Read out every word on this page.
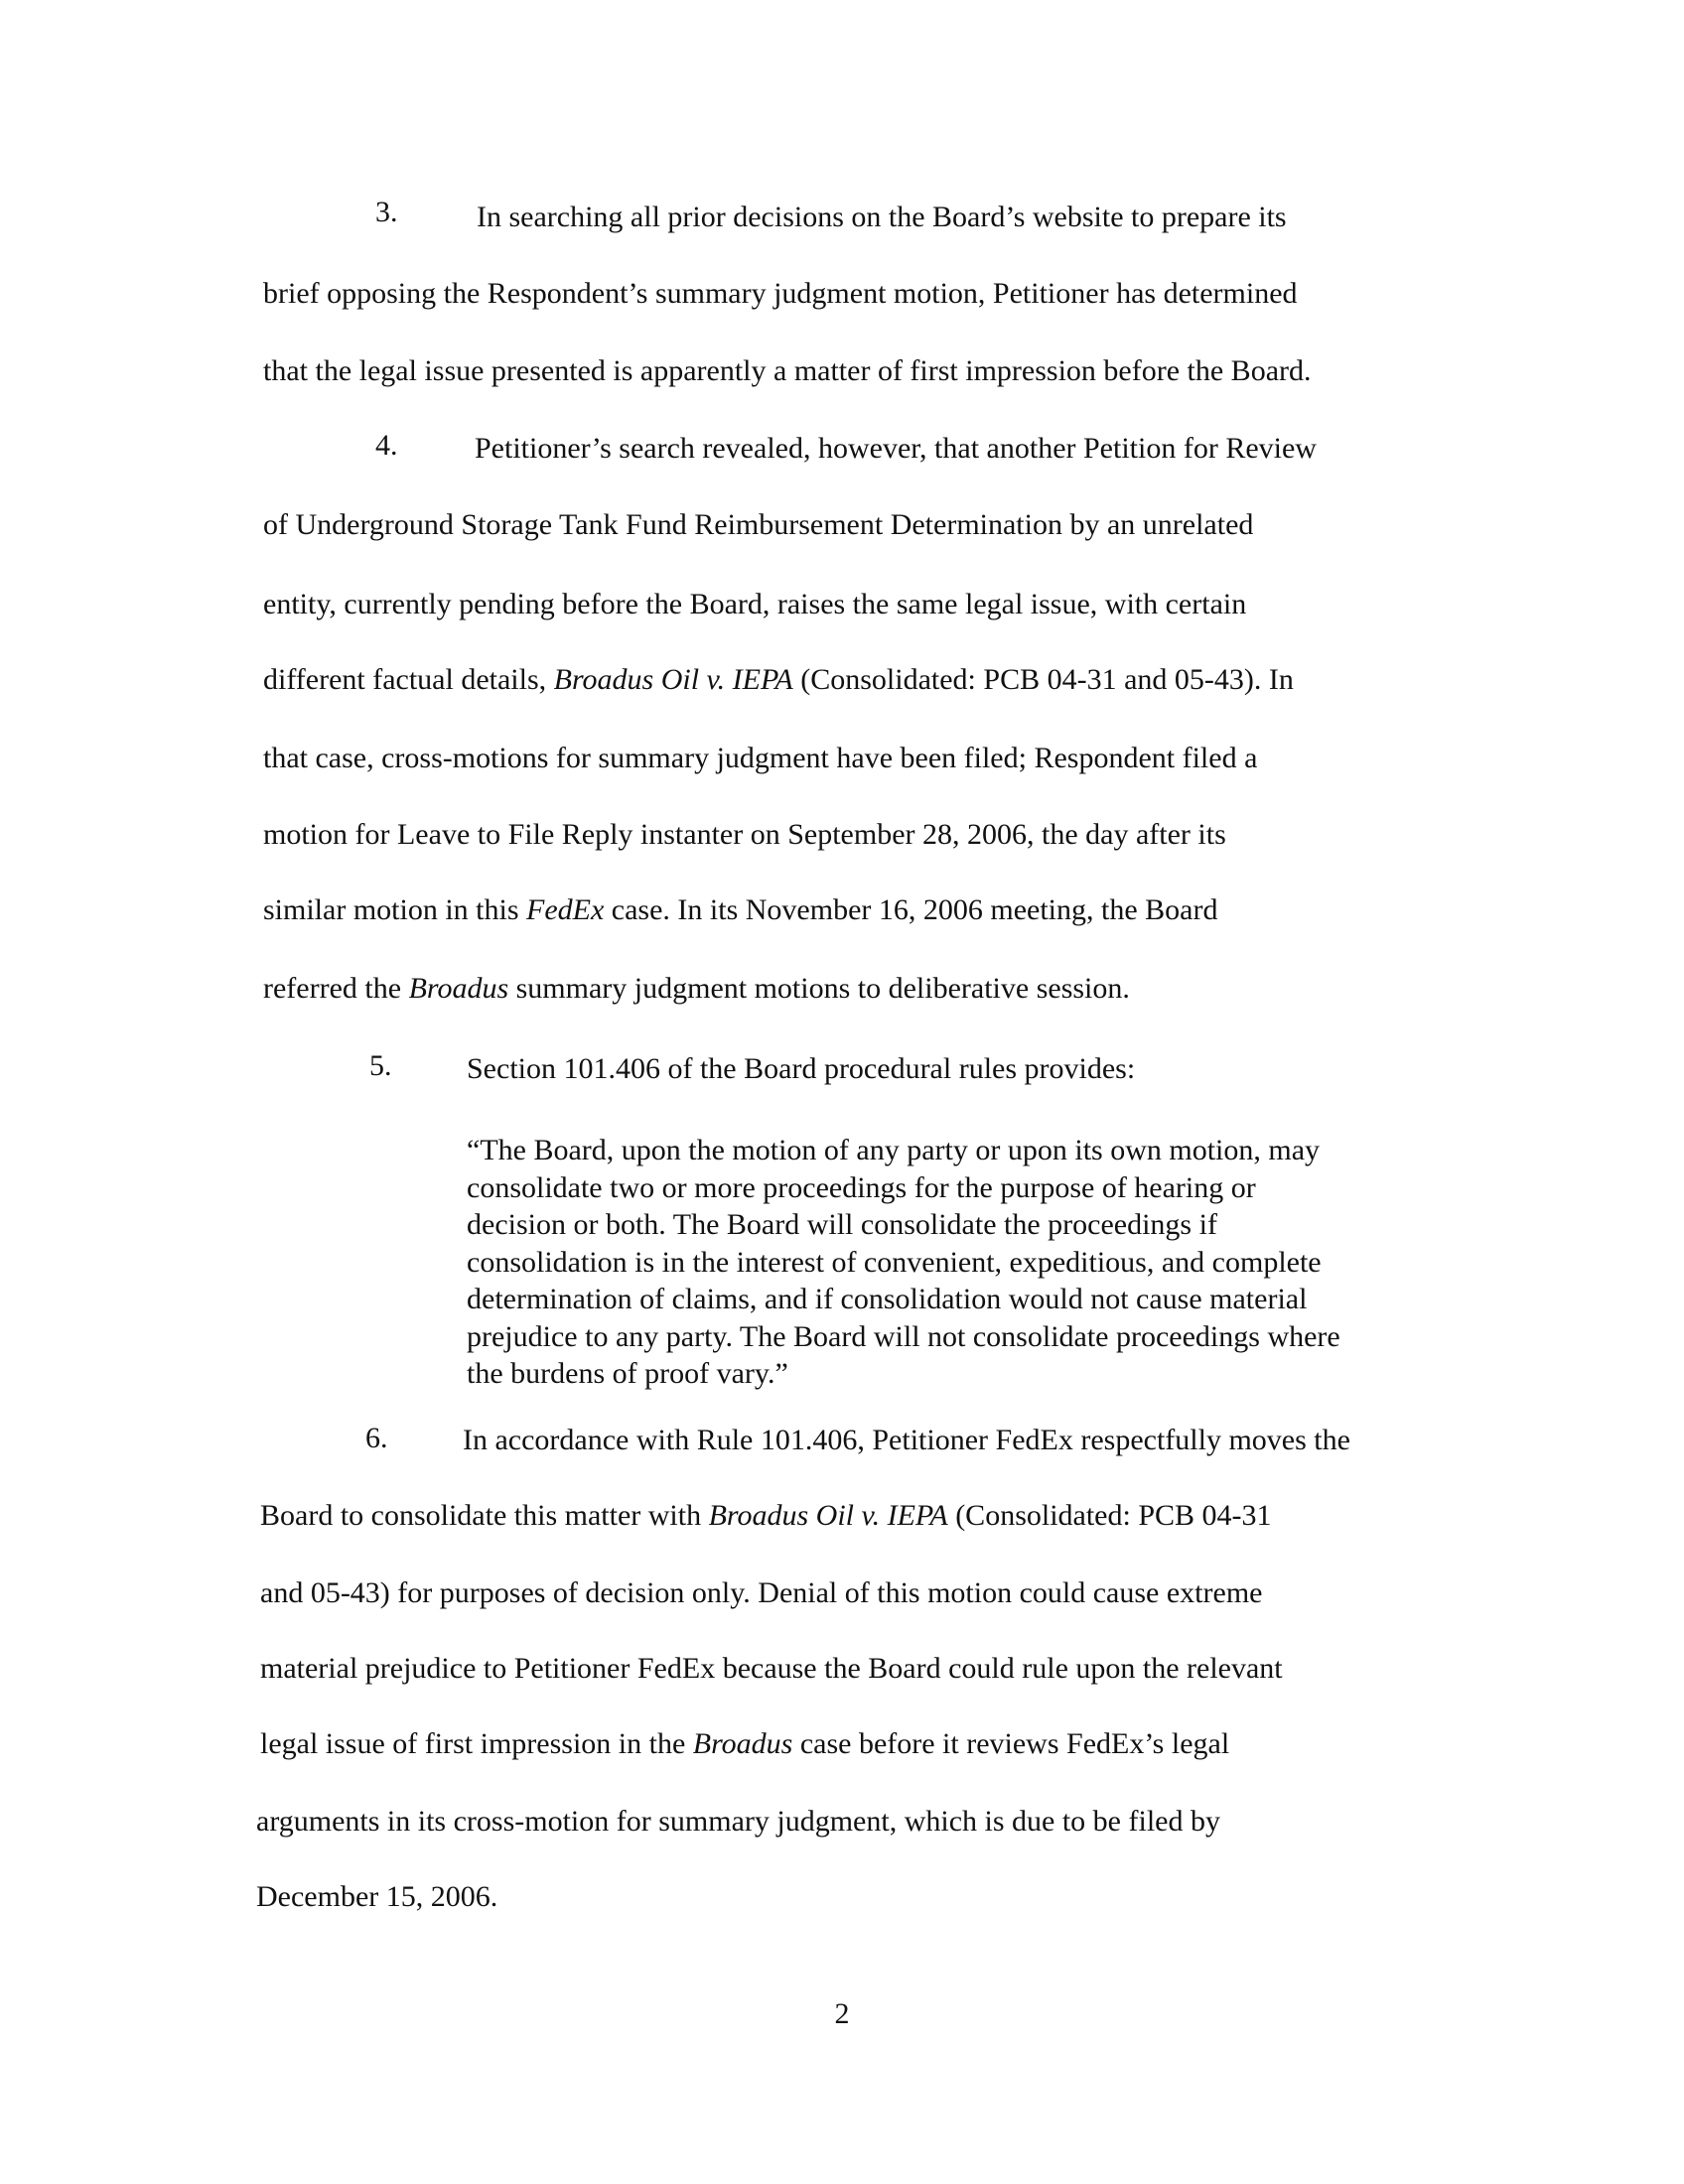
3.	In searching all prior decisions on the Board’s website to prepare its
brief opposing the Respondent’s summary judgment motion, Petitioner has determined
that the legal issue presented is apparently a matter of first impression before the Board.
4.	Petitioner’s search revealed, however, that another Petition for Review
of Underground Storage Tank Fund Reimbursement Determination by an unrelated
entity, currently pending before the Board, raises the same legal issue, with certain
different factual details, Broadus Oil v. IEPA (Consolidated: PCB 04-31 and 05-43). In
that case, cross-motions for summary judgment have been filed; Respondent filed a
motion for Leave to File Reply instanter on September 28, 2006, the day after its
similar motion in this FedEx case. In its November 16, 2006 meeting, the Board
referred the Broadus summary judgment motions to deliberative session.
5.	Section 101.406 of the Board procedural rules provides:

“The Board, upon the motion of any party or upon its own motion, may

consolidate two or more proceedings for the purpose of hearing or

decision or both. The Board will consolidate the proceedings if

consolidation is in the interest of convenient, expeditious, and complete

determination of claims, and if consolidation would not cause material

prejudice to any party. The Board will not consolidate proceedings where

the burdens of proof vary.”

6.	In accordance with Rule 101.406, Petitioner FedEx respectfully moves the
Board to consolidate this matter with Broadus Oil v. IEPA (Consolidated: PCB 04-31
and 05-43) for purposes of decision only. Denial of this motion could cause extreme
material prejudice to Petitioner FedEx because the Board could rule upon the relevant
legal issue of first impression in the Broadus case before it reviews FedEx’s legal
arguments in its cross-motion for summary judgment, which is due to be filed by
December 15, 2006.
2
